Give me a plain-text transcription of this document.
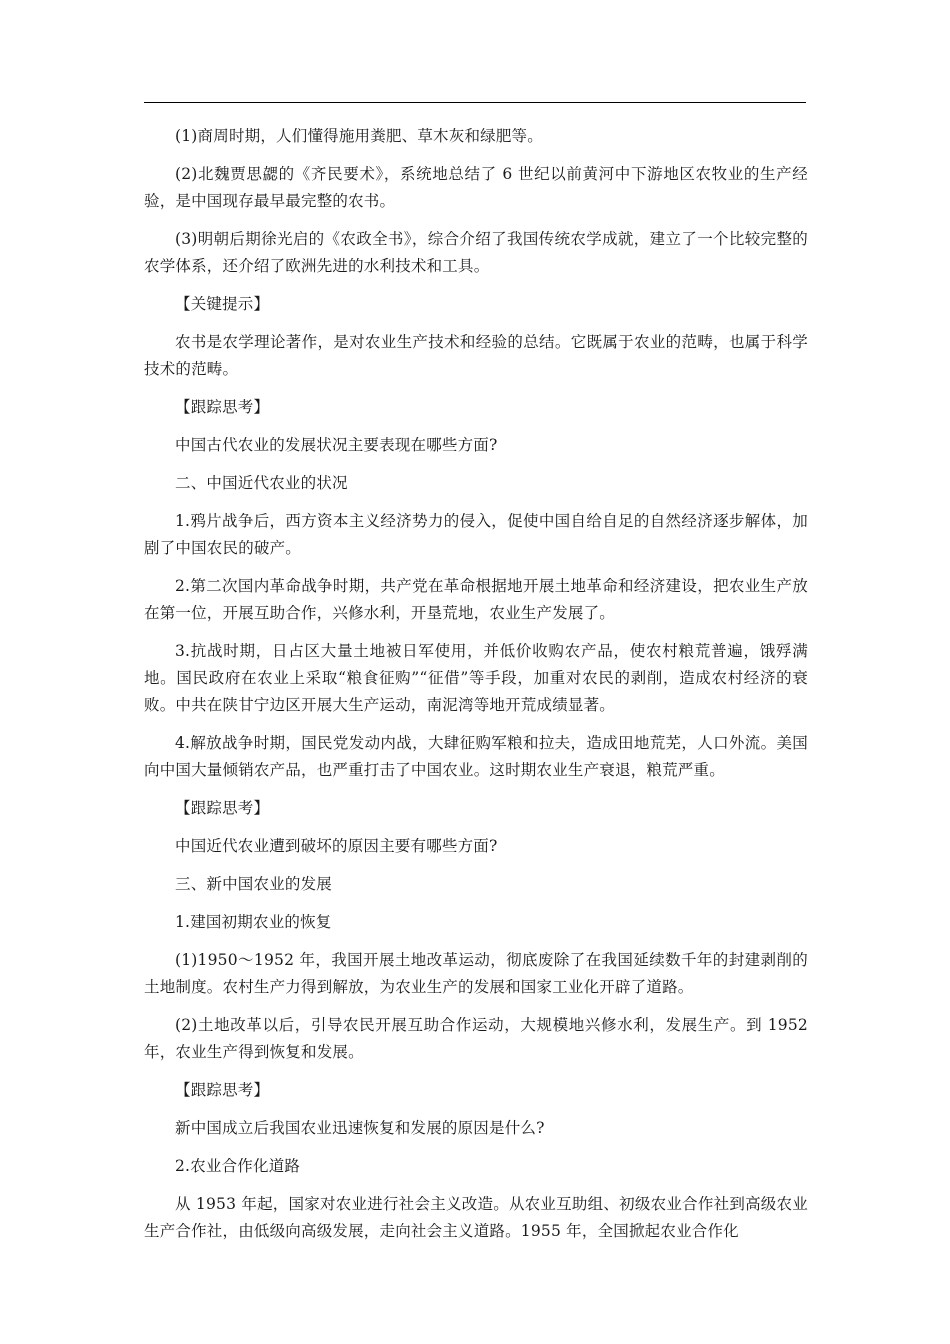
(1)商周时期，人们懂得施用粪肥、草木灰和绿肥等。

(2)北魏贾思勰的《齐民要术》，系统地总结了 6 世纪以前黄河中下游地区农牧业的生产经验，是中国现存最早最完整的农书。

(3)明朝后期徐光启的《农政全书》，综合介绍了我国传统农学成就，建立了一个比较完整的农学体系，还介绍了欧洲先进的水利技术和工具。

【关键提示】

农书是农学理论著作，是对农业生产技术和经验的总结。它既属于农业的范畴，也属于科学技术的范畴。

【跟踪思考】

中国古代农业的发展状况主要表现在哪些方面?

二、中国近代农业的状况

1.鸦片战争后，西方资本主义经济势力的侵入，促使中国自给自足的自然经济逐步解体，加剧了中国农民的破产。

2.第二次国内革命战争时期，共产党在革命根据地开展土地革命和经济建设，把农业生产放在第一位，开展互助合作，兴修水利，开垦荒地，农业生产发展了。

3.抗战时期，日占区大量土地被日军使用，并低价收购农产品，使农村粮荒普遍，饿殍满地。国民政府在农业上采取“粮食征购”“征借”等手段，加重对农民的剥削，造成农村经济的衰败。中共在陕甘宁边区开展大生产运动，南泥湾等地开荒成绩显著。

4.解放战争时期，国民党发动内战，大肆征购军粮和拉夫，造成田地荒芜，人口外流。美国向中国大量倾销农产品，也严重打击了中国农业。这时期农业生产衰退，粮荒严重。

【跟踪思考】

中国近代农业遭到破坏的原因主要有哪些方面?

三、新中国农业的发展

1.建国初期农业的恢复

(1)1950～1952 年，我国开展土地改革运动，彻底废除了在我国延续数千年的封建剥削的土地制度。农村生产力得到解放，为农业生产的发展和国家工业化开辟了道路。

(2)土地改革以后，引导农民开展互助合作运动，大规模地兴修水利，发展生产。到 1952 年，农业生产得到恢复和发展。

【跟踪思考】

新中国成立后我国农业迅速恢复和发展的原因是什么?

2.农业合作化道路

从 1953 年起，国家对农业进行社会主义改造。从农业互助组、初级农业合作社到高级农业生产合作社，由低级向高级发展，走向社会主义道路。1955 年，全国掀起农业合作化
